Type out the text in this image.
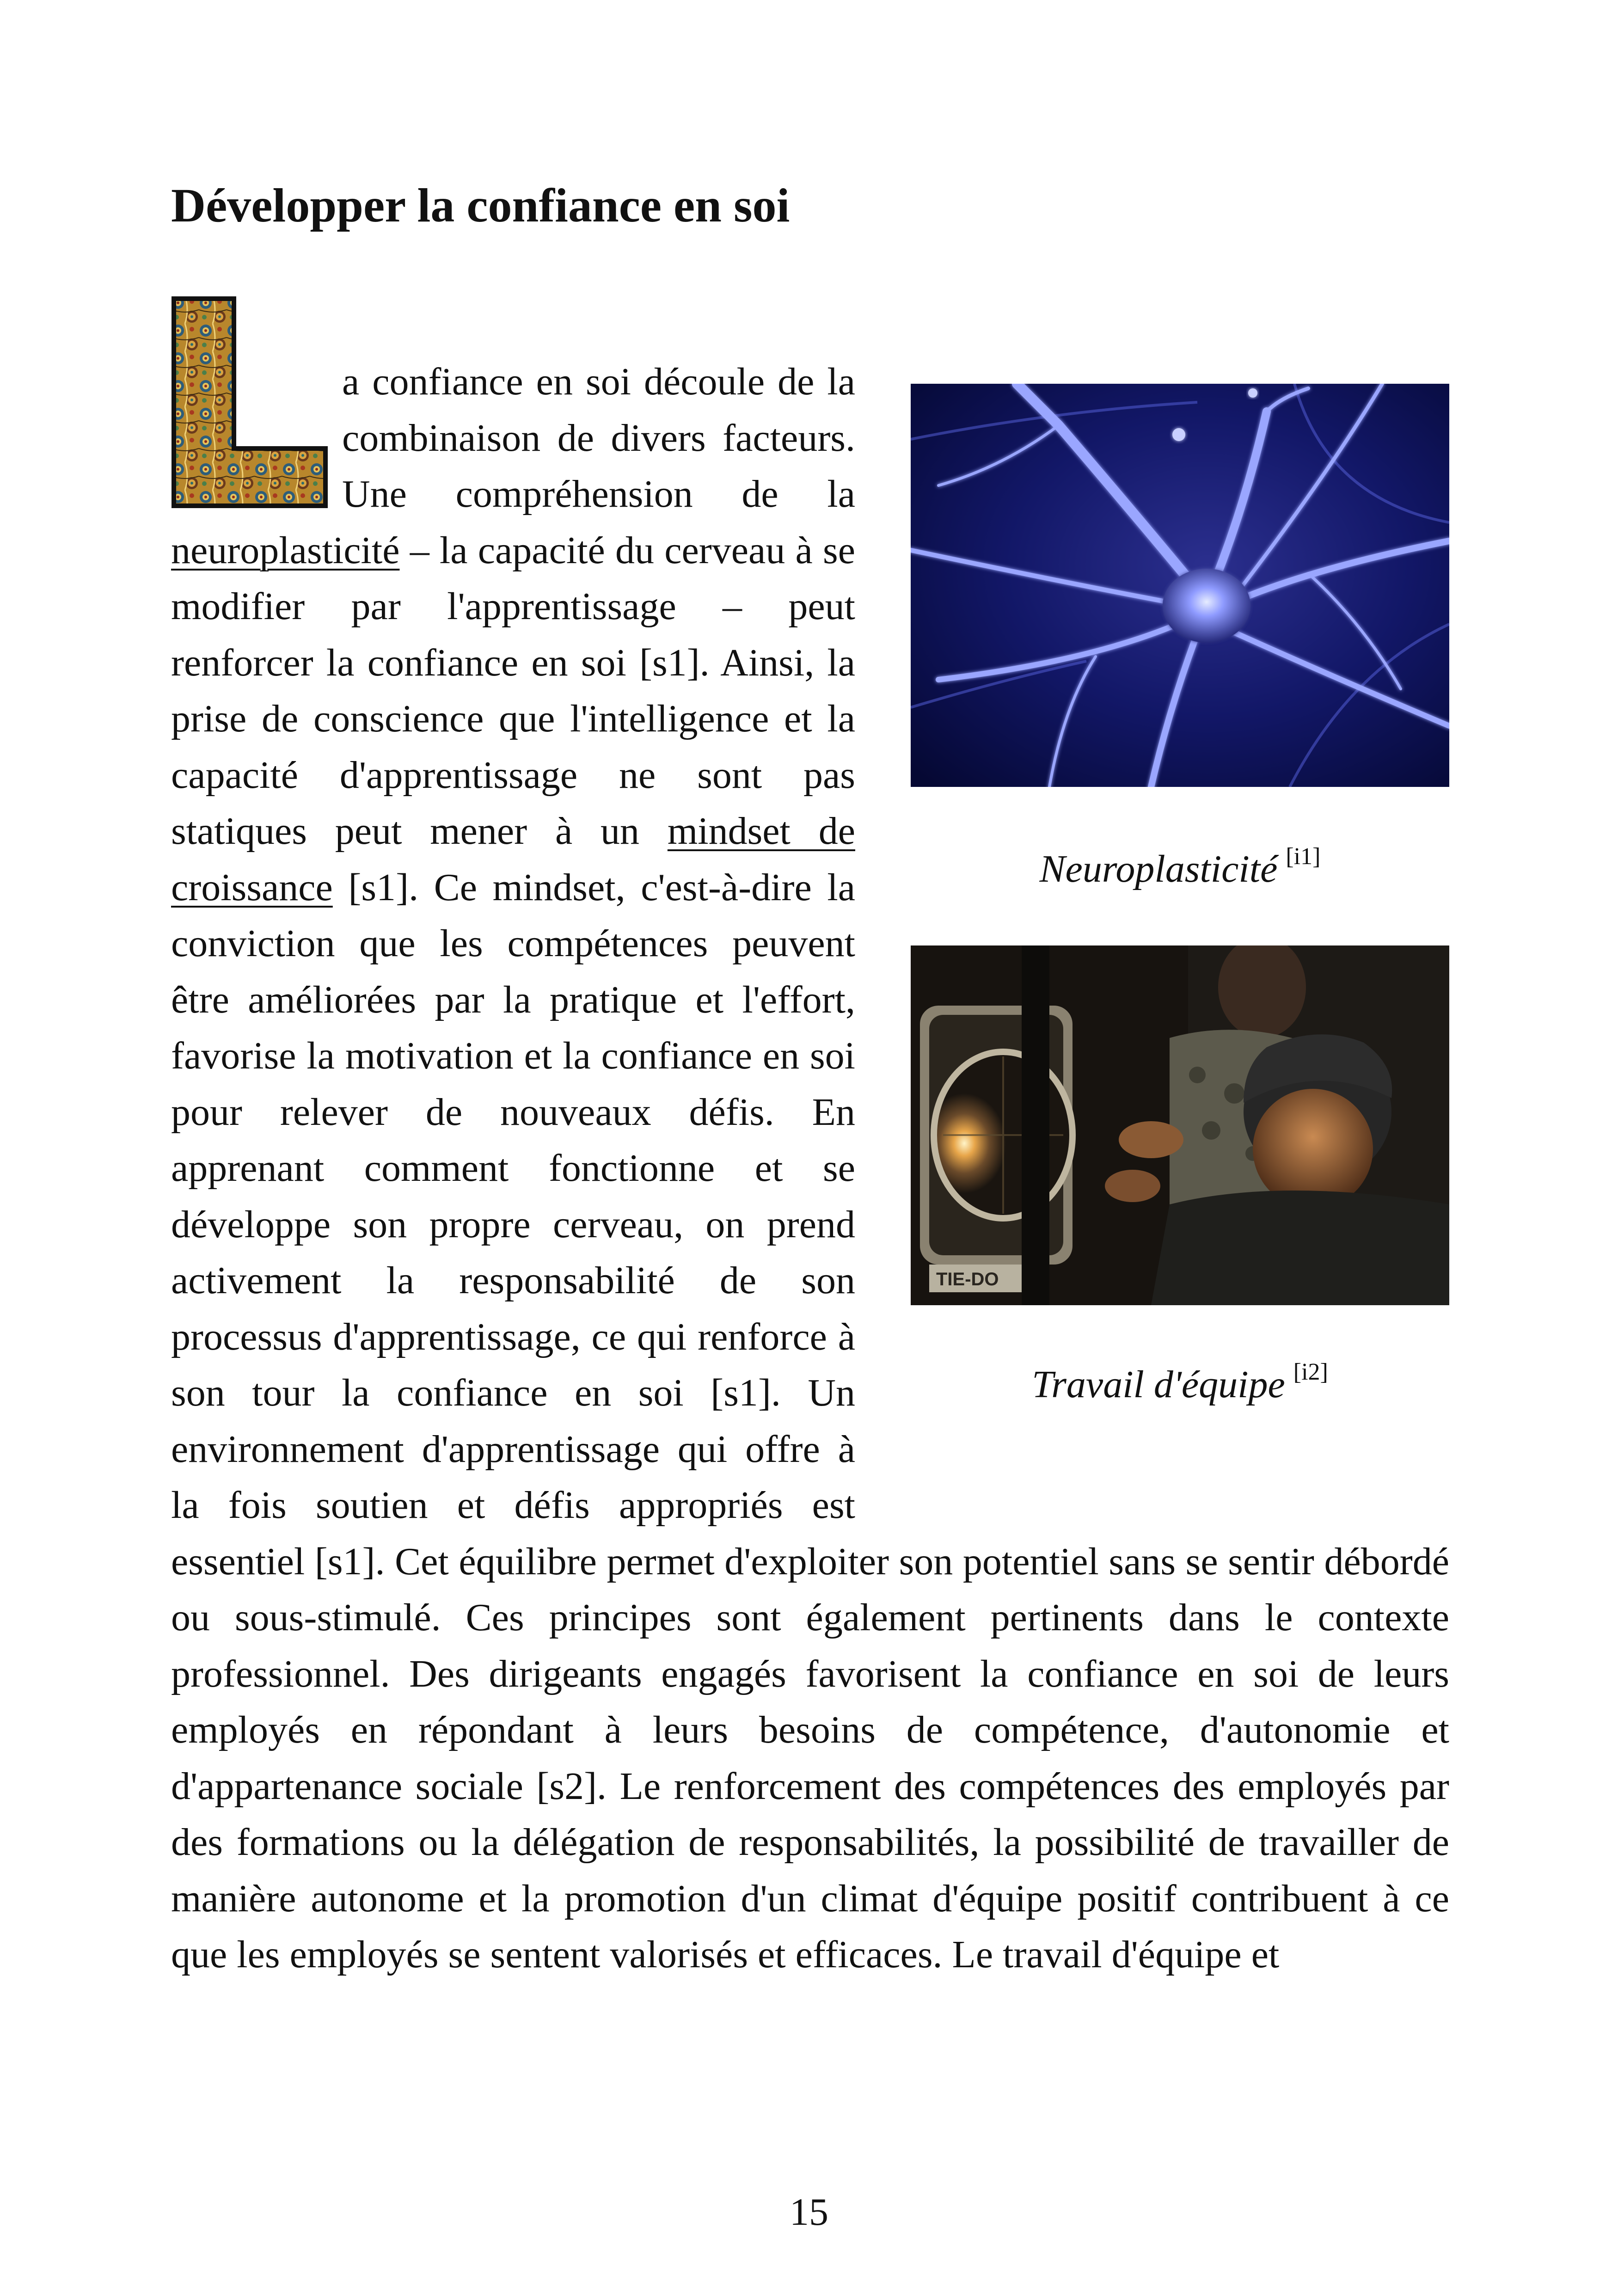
Développer la confiance en soi
Neuroplasticité [i1]
TIE-DO
Travail d'équipe [i2]
a confiance en soi découle de la combinaison de divers facteurs. Une compréhension de la neuroplasticité – la capacité du cerveau à se modifier par l'apprentissage – peut renforcer la confiance en soi [s1]. Ainsi, la prise de conscience que l'intelligence et la capacité d'apprentissage ne sont pas statiques peut mener à un mindset de croissance [s1]. Ce mindset, c'est-à-dire la conviction que les compétences peuvent être améliorées par la pratique et l'effort, favorise la motivation et la confiance en soi pour relever de nouveaux défis. En apprenant comment fonctionne et se développe son propre cerveau, on prend activement la responsabilité de son processus d'apprentissage, ce qui renforce à son tour la confiance en soi [s1]. Un environnement d'apprentissage qui offre à la fois soutien et défis appropriés est essentiel [s1]. Cet équilibre permet d'exploiter son potentiel sans se sentir débordé ou sous-stimulé. Ces principes sont également pertinents dans le contexte professionnel. Des dirigeants engagés favorisent la confiance en soi de leurs employés en répondant à leurs besoins de compétence, d'autonomie et d'appartenance sociale [s2]. Le renforcement des compétences des employés par des formations ou la délégation de responsabilités, la possibilité de travailler de manière autonome et la promotion d'un climat d'équipe positif contribuent à ce que les employés se sentent valorisés et efficaces. Le travail d'équipe et
15
